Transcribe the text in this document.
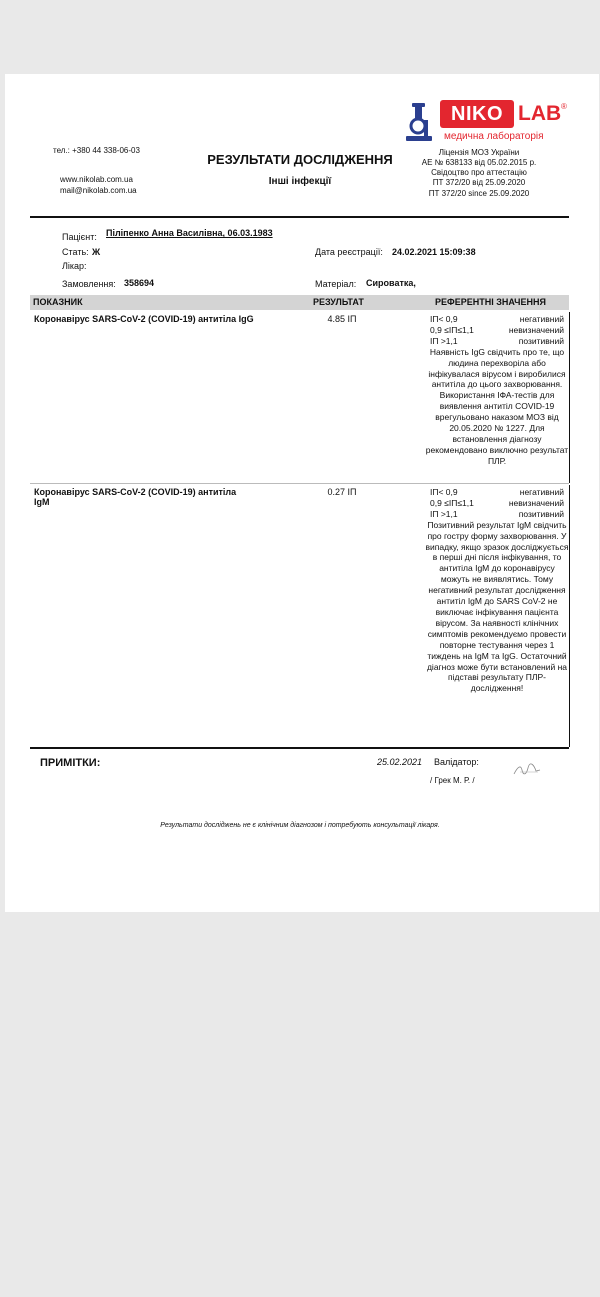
тел.: +380 44 338-06-03
www.nikolab.com.ua
mail@nikolab.com.ua
РЕЗУЛЬТАТИ ДОСЛІДЖЕННЯ
Інші інфекції
NIKO LAB ®
медична лабораторія
Ліцензія МОЗ України
АЕ № 638133 від 05.02.2015 р.
Свідоцтво про аттестацію
ПТ 372/20 від 25.09.2020
ПТ 372/20 since 25.09.2020
Пацієнт: Піліпенко Анна Василівна, 06.03.1983
Стать: Ж
Лікар:
Дата реєстрації: 24.02.2021 15:09:38
Замовлення: 358694	Матеріал: Сироватка,
ПОКАЗНИК	РЕЗУЛЬТАТ	РЕФЕРЕНТНІ ЗНАЧЕННЯ
Коронавірус SARS-CoV-2 (COVID-19) антитіла IgG	4.85 IП	IП< 0,9	негативний
0,9 ≤IП≤1,1	невизначений
IП >1,1	позитивний
Наявність IgG свідчить про те, що людина перехворіла або інфікувалася вірусом і виробилися антитіла до цього захворювання. Використання ІФА-тестів для виявлення антитіл COVID-19 врегульовано наказом МОЗ від 20.05.2020 № 1227. Для встановлення діагнозу рекомендовано виключно результат ПЛР.
Коронавірус SARS-CoV-2 (COVID-19) антитіла IgM
0.27 IП	IП< 0,9	негативний
0,9 ≤IП≤1,1	невизначений
IП >1,1	позитивний
Позитивний результат IgM свідчить про гостру форму захворювання. У випадку, якщо зразок досліджується в перші дні після інфікування, то антитіла IgM до коронавірусу можуть не виявлятись. Тому негативний результат дослідження антитіл IgM до SARS CoV-2 не виключає інфікування пацієнта вірусом. За наявності клінічних симптомів рекомендуємо провести повторне тестування через 1 тиждень на IgM та IgG. Остаточний діагноз може бути встановлений на підставі результату ПЛР-дослідження!
ПРИМІТКИ:	25.02.2021 Валідатор:
/ Грек М. Р. /
Результати досліджень не є клінічним діагнозом і потребують консультації лікаря.
